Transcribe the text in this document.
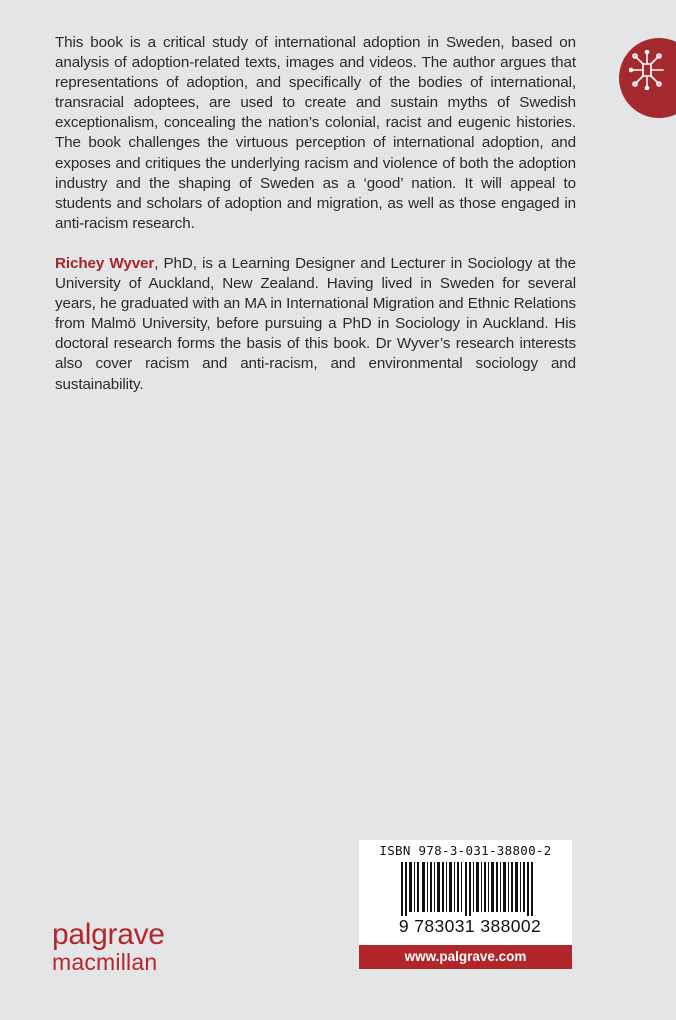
This book is a critical study of international adoption in Sweden, based on analysis of adoption-related texts, images and videos. The author argues that representations of adoption, and specifically of the bodies of international, transracial adoptees, are used to create and sustain myths of Swedish exceptionalism, concealing the nation’s colonial, racist and eugenic histories. The book challenges the virtuous perception of international adoption, and exposes and critiques the underlying racism and violence of both the adoption industry and the shaping of Sweden as a ‘good’ nation. It will appeal to students and scholars of adoption and migration, as well as those engaged in anti-racism research.

Richey Wyver, PhD, is a Learning Designer and Lecturer in Sociology at the University of Auckland, New Zealand. Having lived in Sweden for several years, he graduated with an MA in International Migration and Ethnic Relations from Malmö University, before pursuing a PhD in Sociology in Auckland. His doctoral research forms the basis of this book. Dr Wyver’s research interests also cover racism and anti-racism, and environmental sociology and sustainability.

palgrave
macmillan
ISBN 978-3-031-38800-2
9 783031 388002
www.palgrave.com
